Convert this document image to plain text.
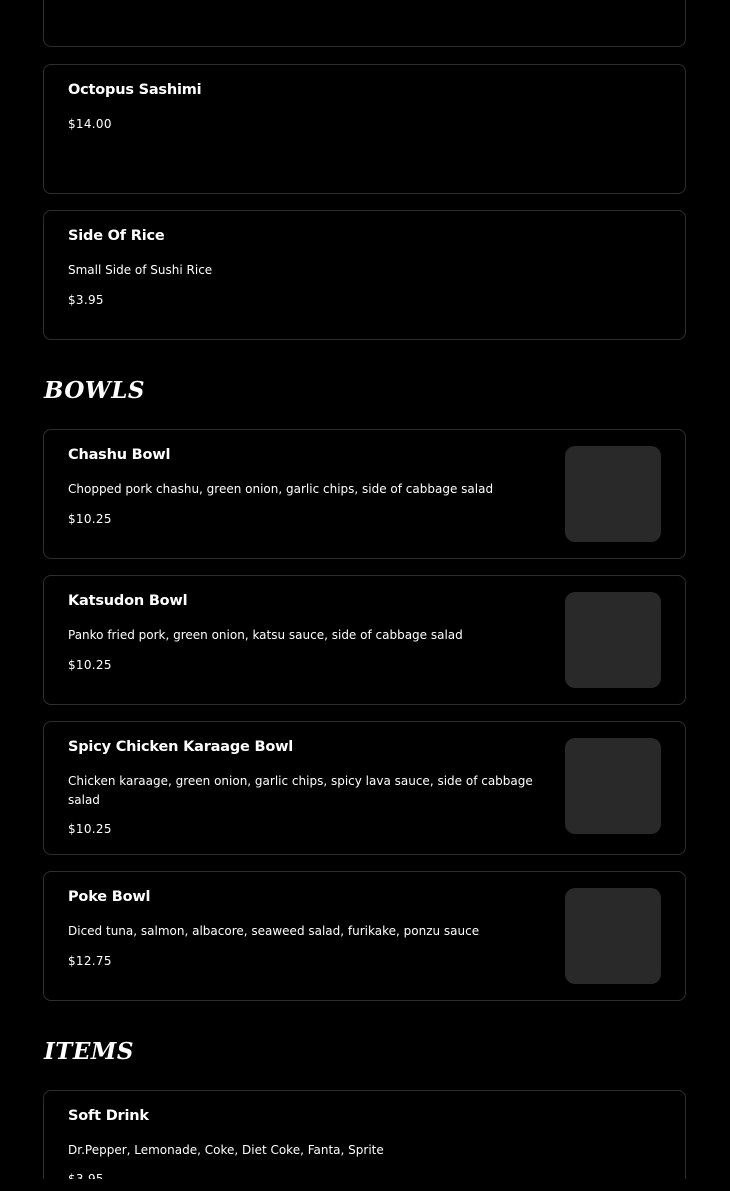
Octopus Sashimi
$14.00
Side Of Rice
Small Side of Sushi Rice
$3.95
BOWLS
Chashu Bowl
Chopped pork chashu, green onion, garlic chips, side of cabbage salad
$10.25
Katsudon Bowl
Panko fried pork, green onion, katsu sauce, side of cabbage salad
$10.25
Spicy Chicken Karaage Bowl
Chicken karaage, green onion, garlic chips, spicy lava sauce, side of cabbage salad
$10.25
Poke Bowl
Diced tuna, salmon, albacore, seaweed salad, furikake, ponzu sauce
$12.75
ITEMS
Soft Drink
Dr.Pepper, Lemonade, Coke, Diet Coke, Fanta, Sprite
